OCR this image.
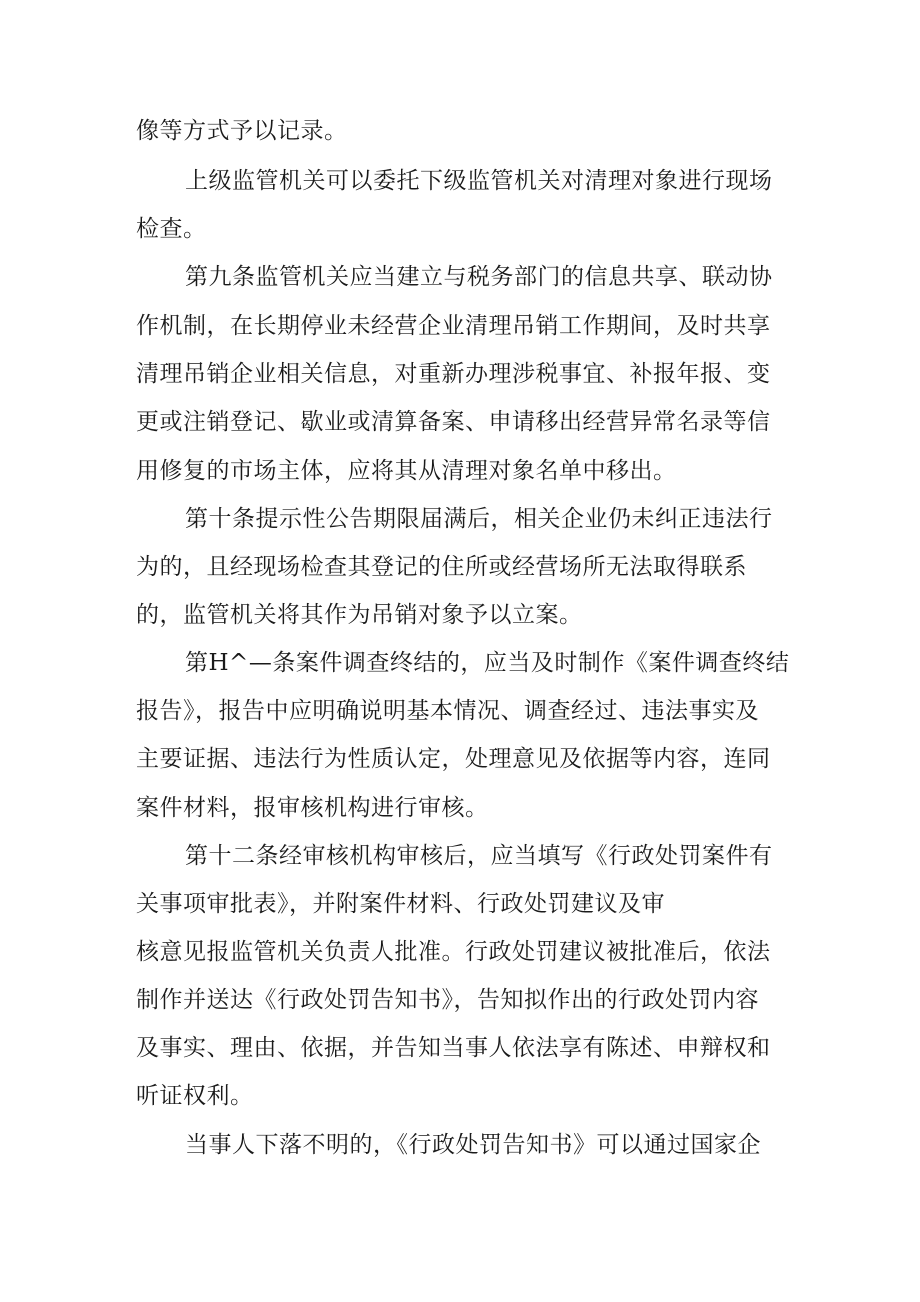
像等方式予以记录。
上级监管机关可以委托下级监管机关对清理对象进行现场
检查。
第九条监管机关应当建立与税务部门的信息共享、联动协
作机制，在长期停业未经营企业清理吊销工作期间，及时共享
清理吊销企业相关信息，对重新办理涉税事宜、补报年报、变
更或注销登记、歇业或清算备案、申请移出经营异常名录等信
用修复的市场主体，应将其从清理对象名单中移出。
第十条提示性公告期限届满后，相关企业仍未纠正违法行
为的，且经现场检查其登记的住所或经营场所无法取得联系
的，监管机关将其作为吊销对象予以立案。
第H^—条案件调查终结的，应当及时制作《案件调查终结
报告》，报告中应明确说明基本情况、调查经过、违法事实及
主要证据、违法行为性质认定，处理意见及依据等内容，连同
案件材料，报审核机构进行审核。
第十二条经审核机构审核后，应当填写《行政处罚案件有
关事项审批表》，并附案件材料、行政处罚建议及审
核意见报监管机关负责人批准。行政处罚建议被批准后，依法
制作并送达《行政处罚告知书》，告知拟作出的行政处罚内容
及事实、理由、依据，并告知当事人依法享有陈述、申辩权和
听证权利。
当事人下落不明的，《行政处罚告知书》可以通过国家企
